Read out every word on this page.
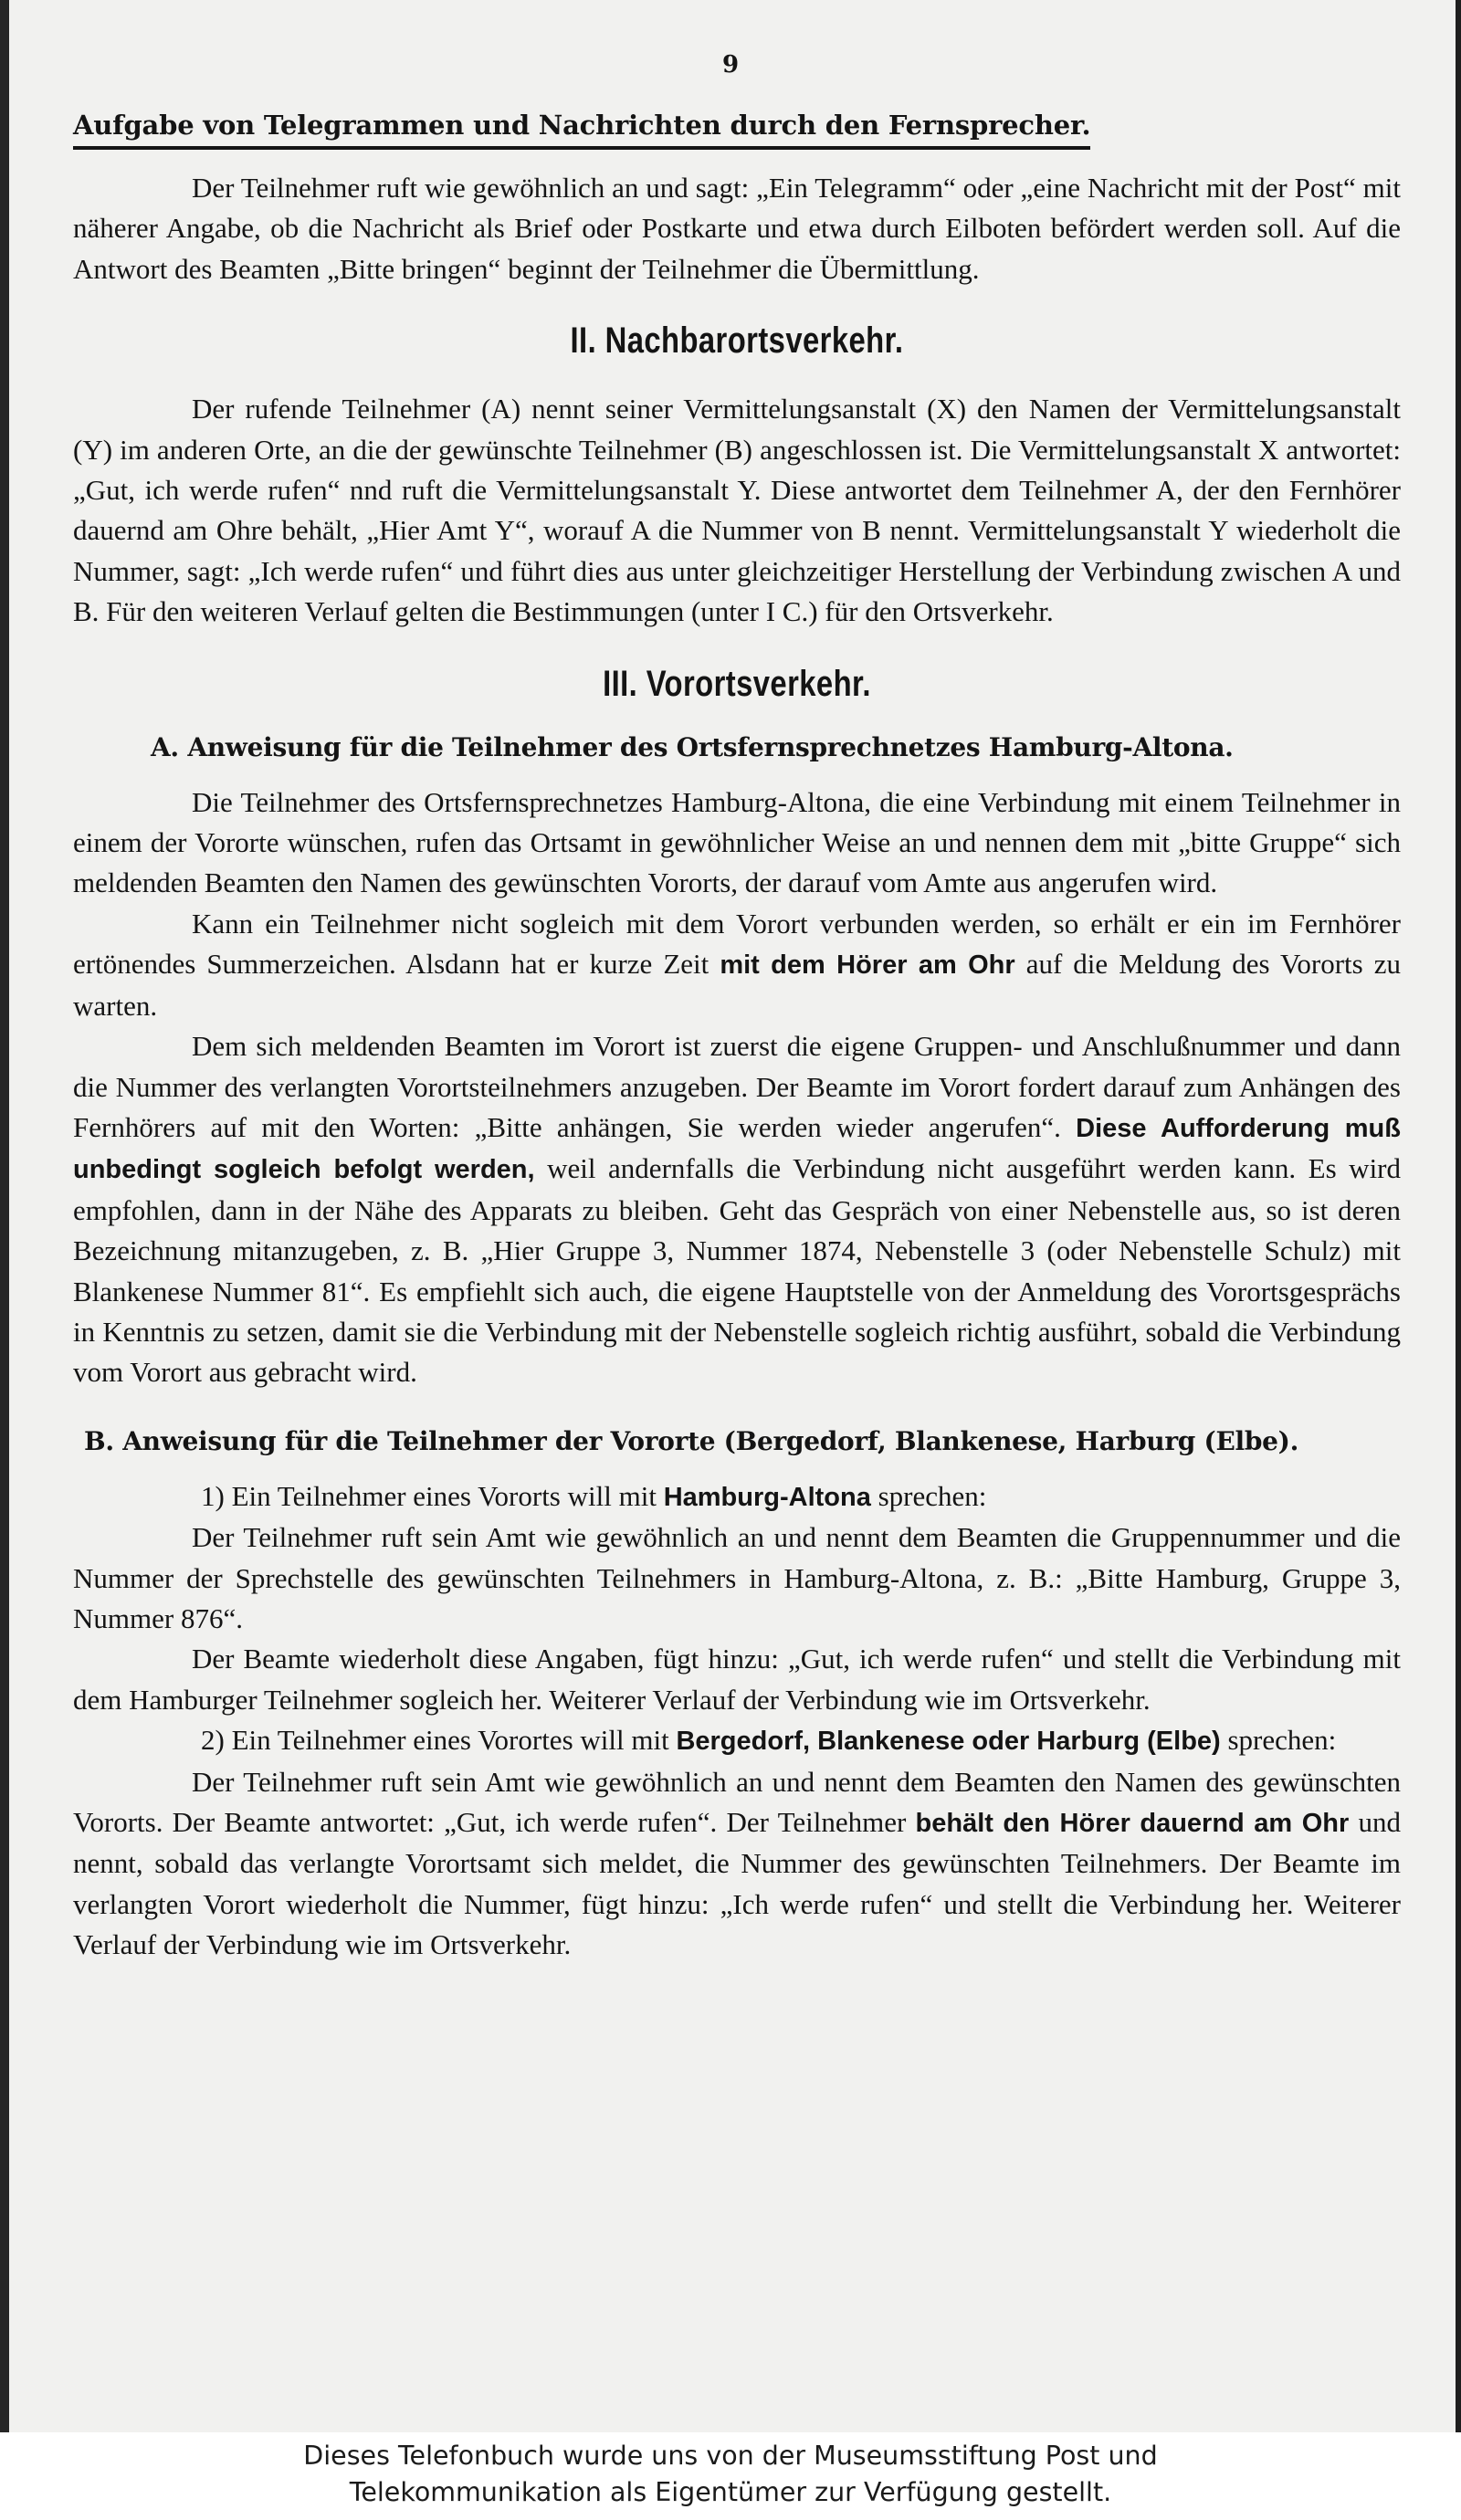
9
Aufgabe von Telegrammen und Nachrichten durch den Fernsprecher.

Der Teilnehmer ruft wie gewöhnlich an und sagt: „Ein Telegramm“ oder „eine Nachricht mit der Post“ mit näherer Angabe, ob die Nachricht als Brief oder Postkarte und etwa durch Eilboten befördert werden soll. Auf die Antwort des Beamten „Bitte bringen“ beginnt der Teilnehmer die Übermittlung.

II. Nachbarortsverkehr.

Der rufende Teilnehmer (A) nennt seiner Vermittelungsanstalt (X) den Namen der Vermittelungsanstalt (Y) im anderen Orte, an die der gewünschte Teilnehmer (B) angeschlossen ist. Die Vermittelungsanstalt X antwortet: „Gut, ich werde rufen“ nnd ruft die Vermittelungsanstalt Y. Diese antwortet dem Teilnehmer A, der den Fernhörer dauernd am Ohre behält, „Hier Amt Y“, worauf A die Nummer von B nennt. Vermittelungsanstalt Y wiederholt die Nummer, sagt: „Ich werde rufen“ und führt dies aus unter gleichzeitiger Herstellung der Verbindung zwischen A und B. Für den weiteren Verlauf gelten die Bestimmungen (unter I C.) für den Ortsverkehr.

III. Vorortsverkehr.
A. Anweisung für die Teilnehmer des Ortsfernsprechnetzes Hamburg-Altona.

Die Teilnehmer des Ortsfernsprechnetzes Hamburg-Altona, die eine Verbindung mit einem Teilnehmer in einem der Vororte wünschen, rufen das Ortsamt in gewöhnlicher Weise an und nennen dem mit „bitte Gruppe“ sich meldenden Beamten den Namen des gewünschten Vororts, der darauf vom Amte aus angerufen wird.

Kann ein Teilnehmer nicht sogleich mit dem Vorort verbunden werden, so erhält er ein im Fernhörer ertönendes Summerzeichen. Alsdann hat er kurze Zeit mit dem Hörer am Ohr auf die Meldung des Vororts zu warten.

Dem sich meldenden Beamten im Vorort ist zuerst die eigene Gruppen- und Anschlußnummer und dann die Nummer des verlangten Vorortsteilnehmers anzugeben. Der Beamte im Vorort fordert darauf zum Anhängen des Fernhörers auf mit den Worten: „Bitte anhängen, Sie werden wieder angerufen“. Diese Aufforderung muß unbedingt sogleich befolgt werden, weil andernfalls die Verbindung nicht ausgeführt werden kann. Es wird empfohlen, dann in der Nähe des Apparats zu bleiben. Geht das Gespräch von einer Nebenstelle aus, so ist deren Bezeichnung mitanzugeben, z. B. „Hier Gruppe 3, Nummer 1874, Nebenstelle 3 (oder Nebenstelle Schulz) mit Blankenese Nummer 81“. Es empfiehlt sich auch, die eigene Hauptstelle von der Anmeldung des Vorortsgesprächs in Kenntnis zu setzen, damit sie die Verbindung mit der Nebenstelle sogleich richtig ausführt, sobald die Verbindung vom Vorort aus gebracht wird.

B. Anweisung für die Teilnehmer der Vororte (Bergedorf, Blankenese, Harburg (Elbe).

1) Ein Teilnehmer eines Vororts will mit Hamburg-Altona sprechen:

Der Teilnehmer ruft sein Amt wie gewöhnlich an und nennt dem Beamten die Gruppennummer und die Nummer der Sprechstelle des gewünschten Teilnehmers in Hamburg-Altona, z. B.: „Bitte Hamburg, Gruppe 3, Nummer 876“.

Der Beamte wiederholt diese Angaben, fügt hinzu: „Gut, ich werde rufen“ und stellt die Verbindung mit dem Hamburger Teilnehmer sogleich her. Weiterer Verlauf der Verbindung wie im Ortsverkehr.

2) Ein Teilnehmer eines Vorortes will mit Bergedorf, Blankenese oder Harburg (Elbe) sprechen:

Der Teilnehmer ruft sein Amt wie gewöhnlich an und nennt dem Beamten den Namen des gewünschten Vororts. Der Beamte antwortet: „Gut, ich werde rufen“. Der Teilnehmer behält den Hörer dauernd am Ohr und nennt, sobald das verlangte Vorortsamt sich meldet, die Nummer des gewünschten Teilnehmers. Der Beamte im verlangten Vorort wiederholt die Nummer, fügt hinzu: „Ich werde rufen“ und stellt die Verbindung her. Weiterer Verlauf der Verbindung wie im Ortsverkehr.

Dieses Telefonbuch wurde uns von der Museumsstiftung Post und
Telekommunikation als Eigentümer zur Verfügung gestellt.
